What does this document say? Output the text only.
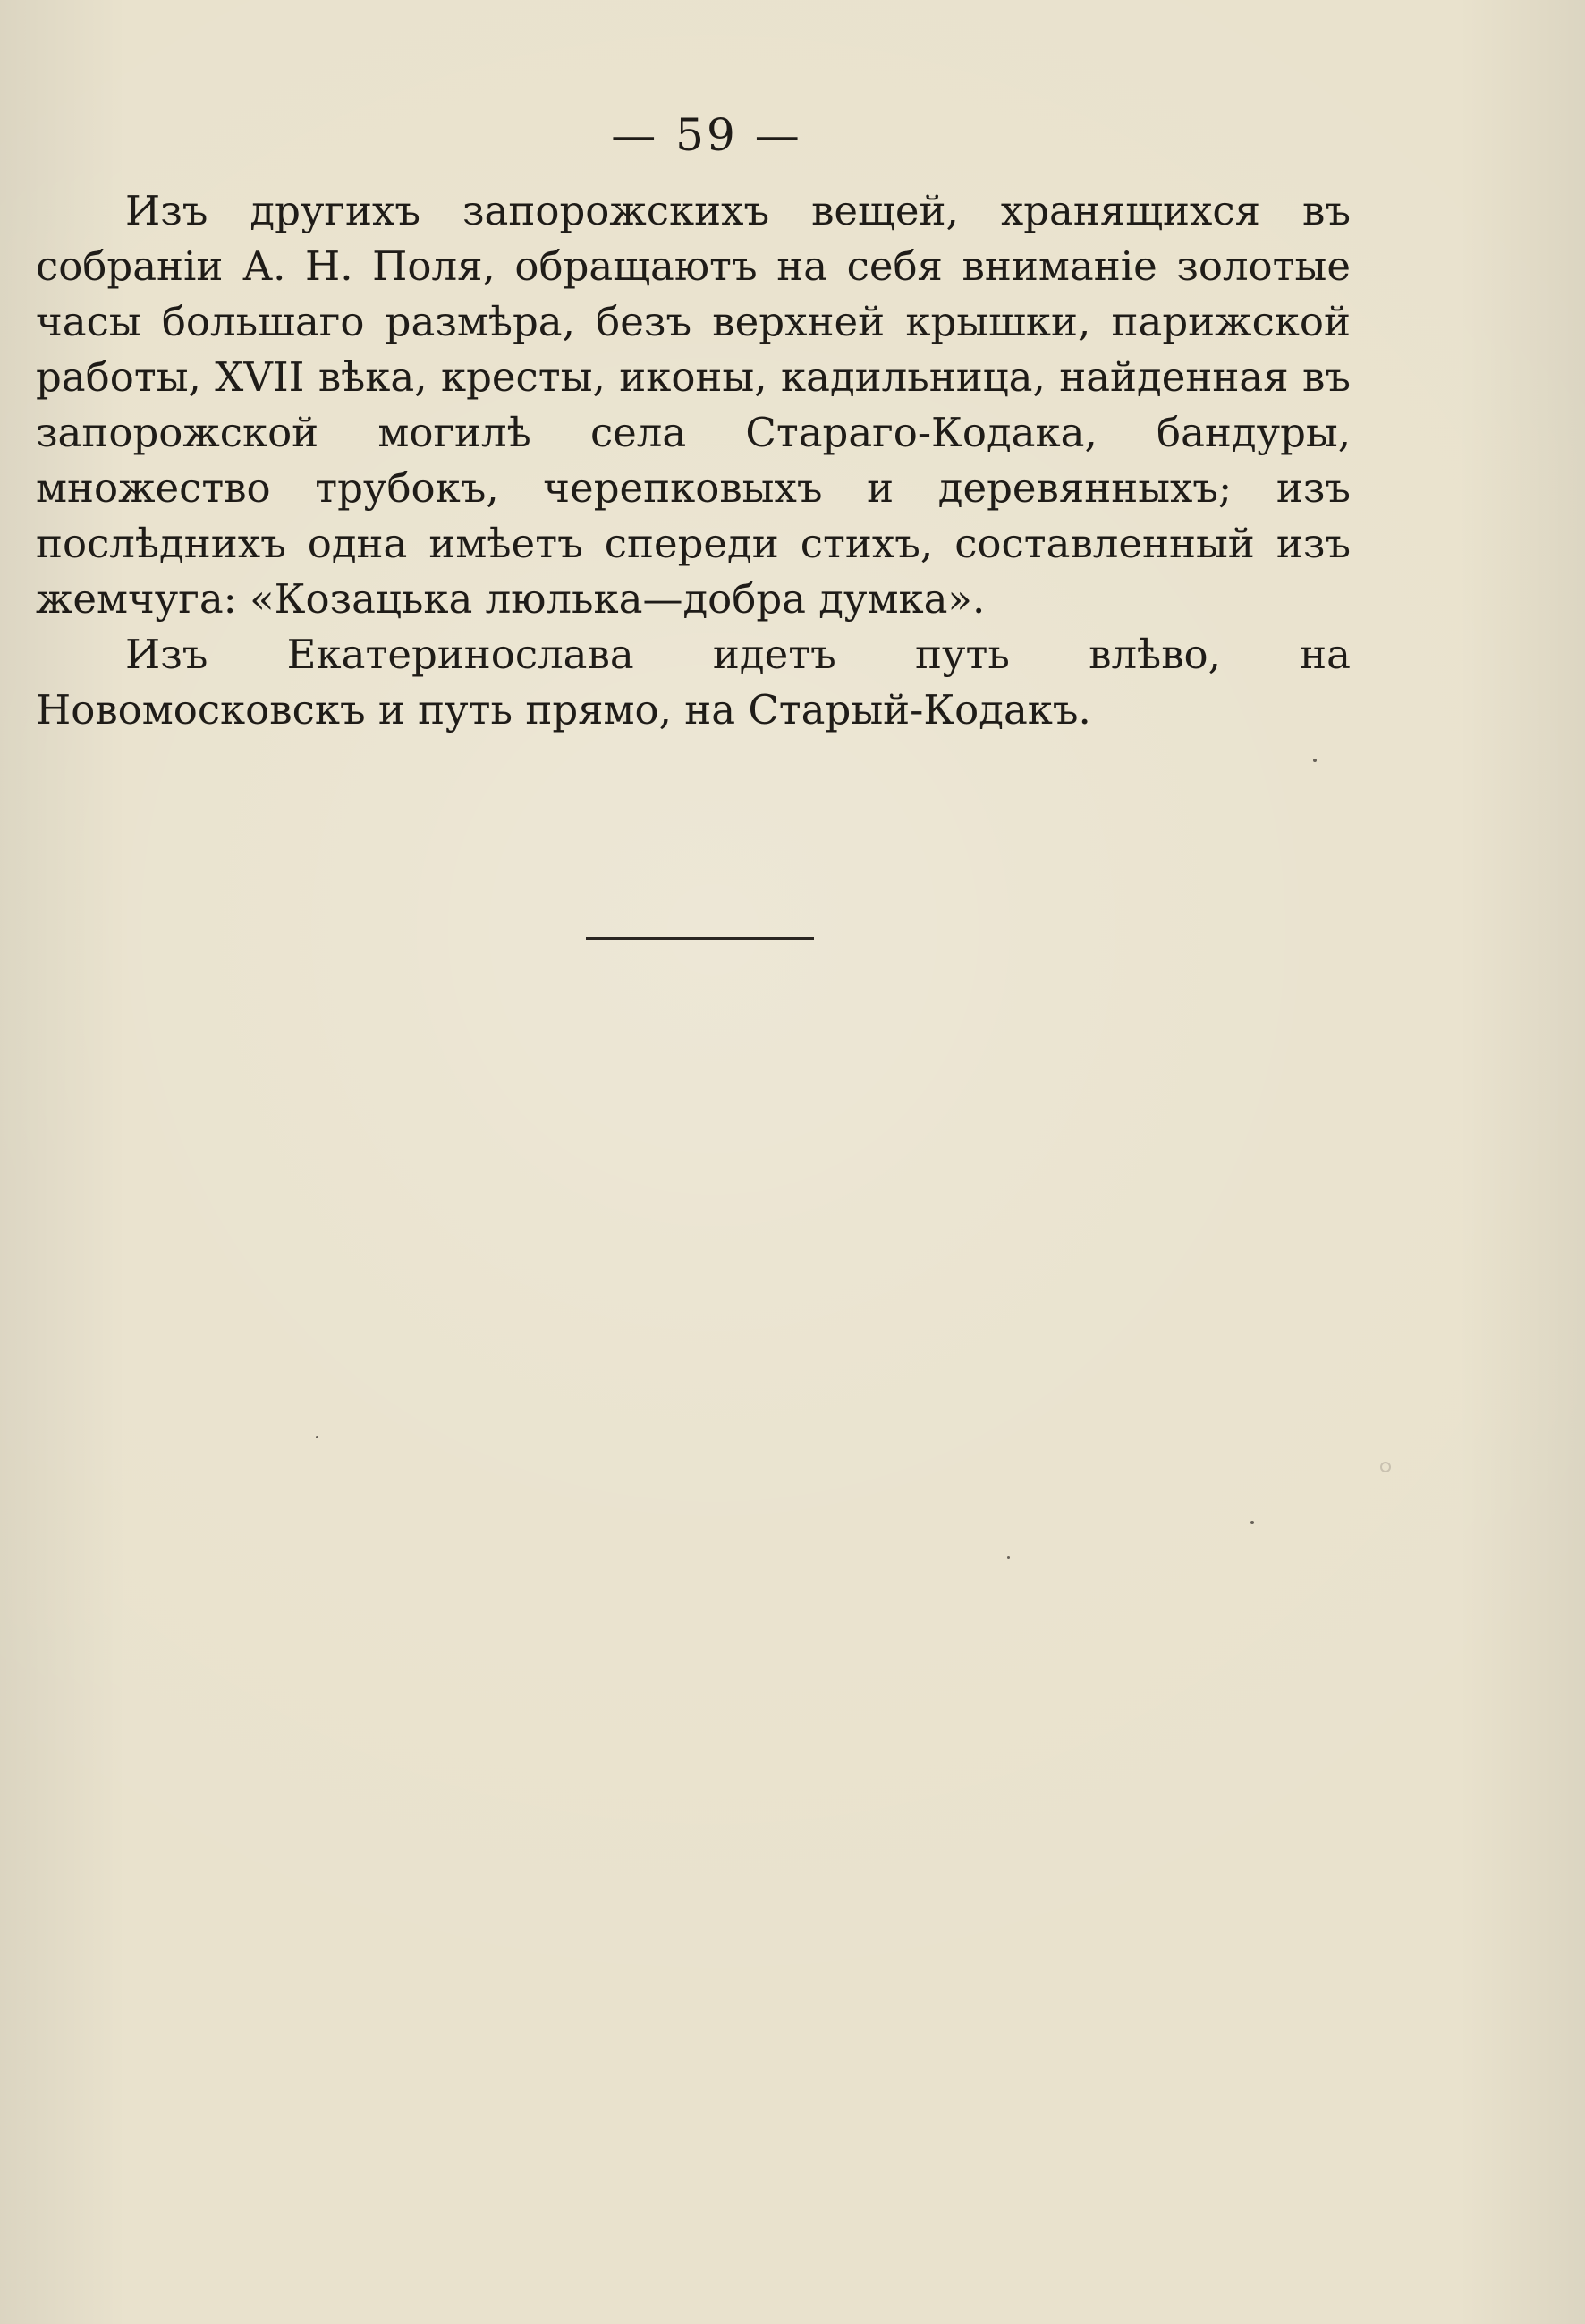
— 59 —

Изъ другихъ запорожскихъ вещей, хранящихся въ собраніи А. Н. Поля, обращаютъ на себя вниманіе золотые часы большаго размѣра, безъ верхней крышки, парижской работы, XVII вѣка, кресты, иконы, кадильница, найденная въ запорожской могилѣ села Стараго-Кодака, бандуры, множество трубокъ, черепковыхъ и деревянныхъ; изъ послѣднихъ одна имѣетъ спереди стихъ, составленный изъ жемчуга: «Козацька люлька—добра думка».

Изъ Екатеринослава идетъ путь влѣво, на Новомосковскъ и путь прямо, на Старый-Кодакъ.
